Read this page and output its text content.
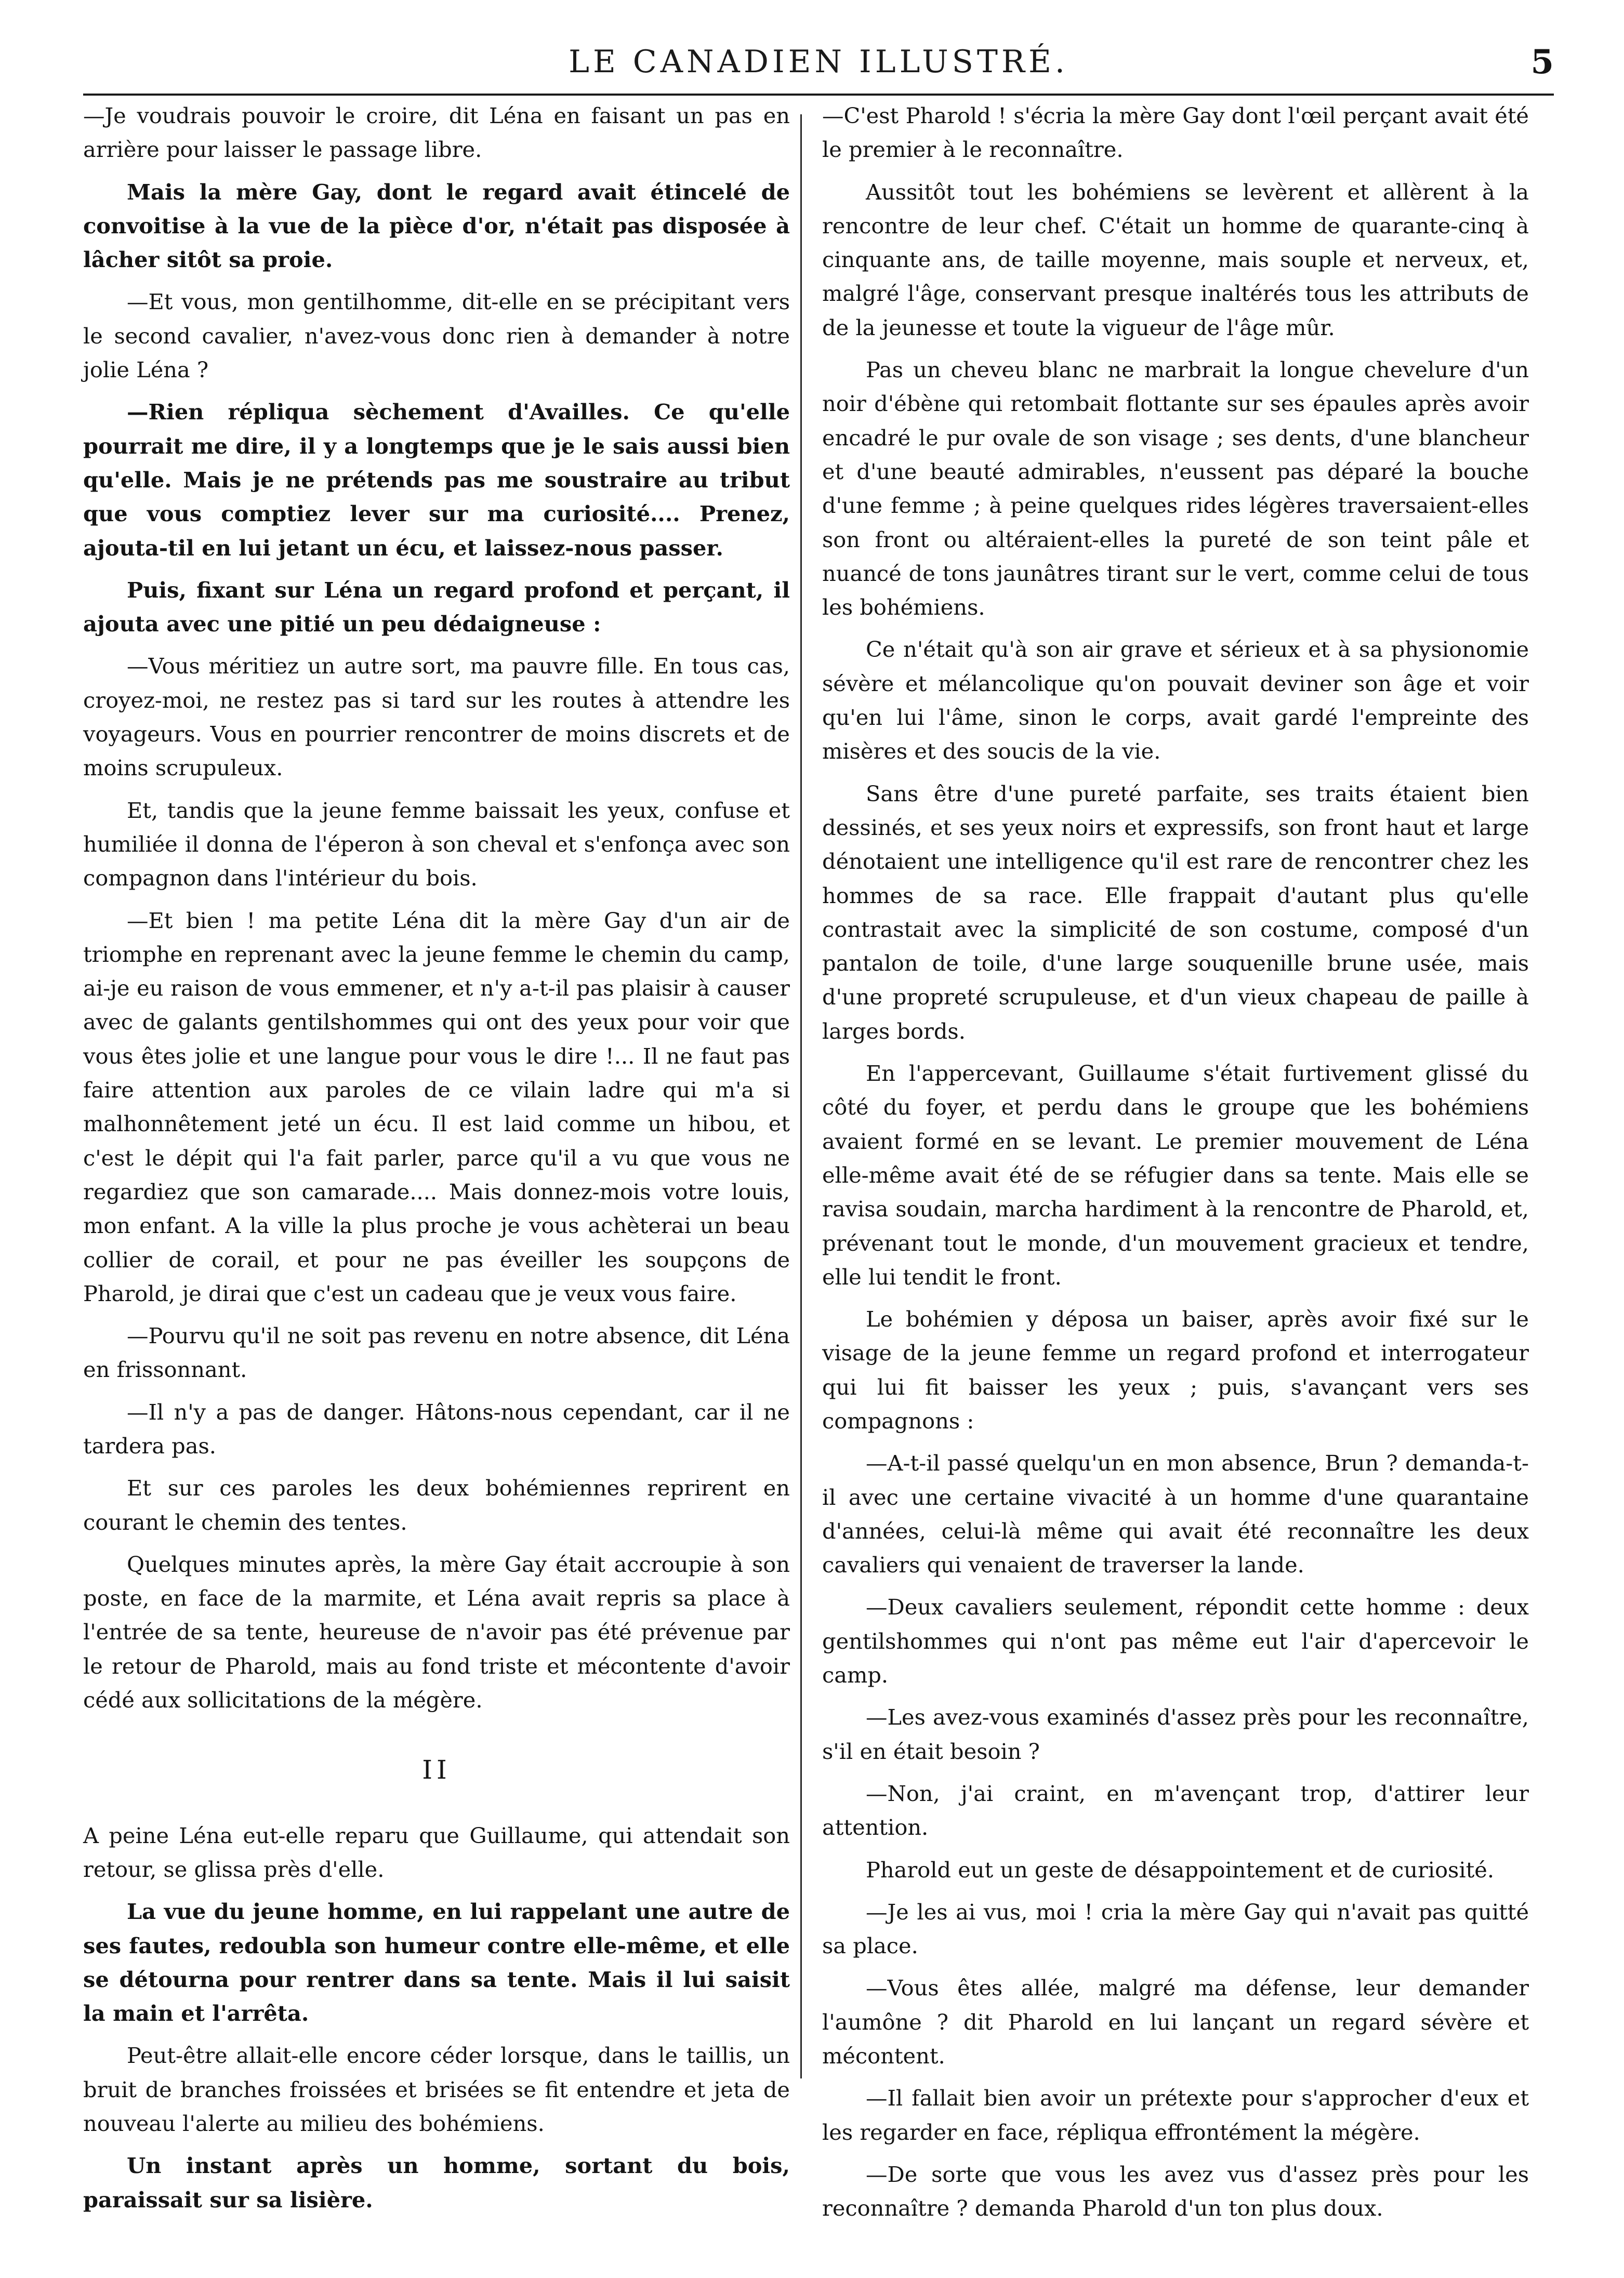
LE CANADIEN ILLUSTRÉ.	5

—Je voudrais pouvoir le croire, dit Léna en faisant un pas en arrière pour laisser le passage libre.

Mais la mère Gay, dont le regard avait étincelé de convoitise à la vue de la pièce d'or, n'était pas disposée à lâcher sitôt sa proie.

—Et vous, mon gentilhomme, dit-elle en se précipitant vers le second cavalier, n'avez-vous donc rien à demander à notre jolie Léna ?

—Rien répliqua sèchement d'Availles. Ce qu'elle pourrait me dire, il y a longtemps que je le sais aussi bien qu'elle. Mais je ne prétends pas me soustraire au tribut que vous comptiez lever sur ma curiosité.... Prenez, ajouta-til en lui jetant un écu, et laissez-nous passer.

Puis, fixant sur Léna un regard profond et perçant, il ajouta avec une pitié un peu dédaigneuse :

—Vous méritiez un autre sort, ma pauvre fille. En tous cas, croyez-moi, ne restez pas si tard sur les routes à attendre les voyageurs. Vous en pourrier rencontrer de moins discrets et de moins scrupuleux.

Et, tandis que la jeune femme baissait les yeux, confuse et humiliée il donna de l'éperon à son cheval et s'enfonça avec son compagnon dans l'intérieur du bois.

—Et bien ! ma petite Léna dit la mère Gay d'un air de triomphe en reprenant avec la jeune femme le chemin du camp, ai-je eu raison de vous emmener, et n'y a-t-il pas plaisir à causer avec de galants gentilshommes qui ont des yeux pour voir que vous êtes jolie et une langue pour vous le dire !... Il ne faut pas faire attention aux paroles de ce vilain ladre qui m'a si malhonnêtement jeté un écu. Il est laid comme un hibou, et c'est le dépit qui l'a fait parler, parce qu'il a vu que vous ne regardiez que son camarade.... Mais donnez-mois votre louis, mon enfant. A la ville la plus proche je vous achèterai un beau collier de corail, et pour ne pas éveiller les soupçons de Pharold, je dirai que c'est un cadeau que je veux vous faire.

—Pourvu qu'il ne soit pas revenu en notre absence, dit Léna en frissonnant.

—Il n'y a pas de danger. Hâtons-nous cependant, car il ne tardera pas.

Et sur ces paroles les deux bohémiennes reprirent en courant le chemin des tentes.

Quelques minutes après, la mère Gay était accroupie à son poste, en face de la marmite, et Léna avait repris sa place à l'entrée de sa tente, heureuse de n'avoir pas été prévenue par le retour de Pharold, mais au fond triste et mécontente d'avoir cédé aux sollicitations de la mégère.

II

A peine Léna eut-elle reparu que Guillaume, qui attendait son retour, se glissa près d'elle.

La vue du jeune homme, en lui rappelant une autre de ses fautes, redoubla son humeur contre elle-même, et elle se détourna pour rentrer dans sa tente. Mais il lui saisit la main et l'arrêta.

Peut-être allait-elle encore céder lorsque, dans le taillis, un bruit de branches froissées et brisées se fit entendre et jeta de nouveau l'alerte au milieu des bohémiens.

Un instant après un homme, sortant du bois, paraissait sur sa lisière.

—C'est Pharold ! s'écria la mère Gay dont l'œil perçant avait été le premier à le reconnaître.

Aussitôt tout les bohémiens se levèrent et allèrent à la rencontre de leur chef. C'était un homme de quarante-cinq à cinquante ans, de taille moyenne, mais souple et nerveux, et, malgré l'âge, conservant presque inaltérés tous les attributs de de la jeunesse et toute la vigueur de l'âge mûr.

Pas un cheveu blanc ne marbrait la longue chevelure d'un noir d'ébène qui retombait flottante sur ses épaules après avoir encadré le pur ovale de son visage ; ses dents, d'une blancheur et d'une beauté admirables, n'eussent pas déparé la bouche d'une femme ; à peine quelques rides légères traversaient-elles son front ou altéraient-elles la pureté de son teint pâle et nuancé de tons jaunâtres tirant sur le vert, comme celui de tous les bohémiens.

Ce n'était qu'à son air grave et sérieux et à sa physionomie sévère et mélancolique qu'on pouvait deviner son âge et voir qu'en lui l'âme, sinon le corps, avait gardé l'empreinte des misères et des soucis de la vie.

Sans être d'une pureté parfaite, ses traits étaient bien dessinés, et ses yeux noirs et expressifs, son front haut et large dénotaient une intelligence qu'il est rare de rencontrer chez les hommes de sa race. Elle frappait d'autant plus qu'elle contrastait avec la simplicité de son costume, composé d'un pantalon de toile, d'une large souquenille brune usée, mais d'une propreté scrupuleuse, et d'un vieux chapeau de paille à larges bords.

En l'appercevant, Guillaume s'était furtivement glissé du côté du foyer, et perdu dans le groupe que les bohémiens avaient formé en se levant. Le premier mouvement de Léna elle-même avait été de se réfugier dans sa tente. Mais elle se ravisa soudain, marcha hardiment à la rencontre de Pharold, et, prévenant tout le monde, d'un mouvement gracieux et tendre, elle lui tendit le front.

Le bohémien y déposa un baiser, après avoir fixé sur le visage de la jeune femme un regard profond et interrogateur qui lui fit baisser les yeux ; puis, s'avançant vers ses compagnons :

—A-t-il passé quelqu'un en mon absence, Brun ? demanda-t-il avec une certaine vivacité à un homme d'une quarantaine d'années, celui-là même qui avait été reconnaître les deux cavaliers qui venaient de traverser la lande.

—Deux cavaliers seulement, répondit cette homme : deux gentilshommes qui n'ont pas même eut l'air d'apercevoir le camp.

—Les avez-vous examinés d'assez près pour les reconnaître, s'il en était besoin ?

—Non, j'ai craint, en m'avençant trop, d'attirer leur attention.

Pharold eut un geste de désappointement et de curiosité.

—Je les ai vus, moi ! cria la mère Gay qui n'avait pas quitté sa place.

—Vous êtes allée, malgré ma défense, leur demander l'aumône ? dit Pharold en lui lançant un regard sévère et mécontent.

—Il fallait bien avoir un prétexte pour s'approcher d'eux et les regarder en face, répliqua effrontément la mégère.

—De sorte que vous les avez vus d'assez près pour les reconnaître ? demanda Pharold d'un ton plus doux.
